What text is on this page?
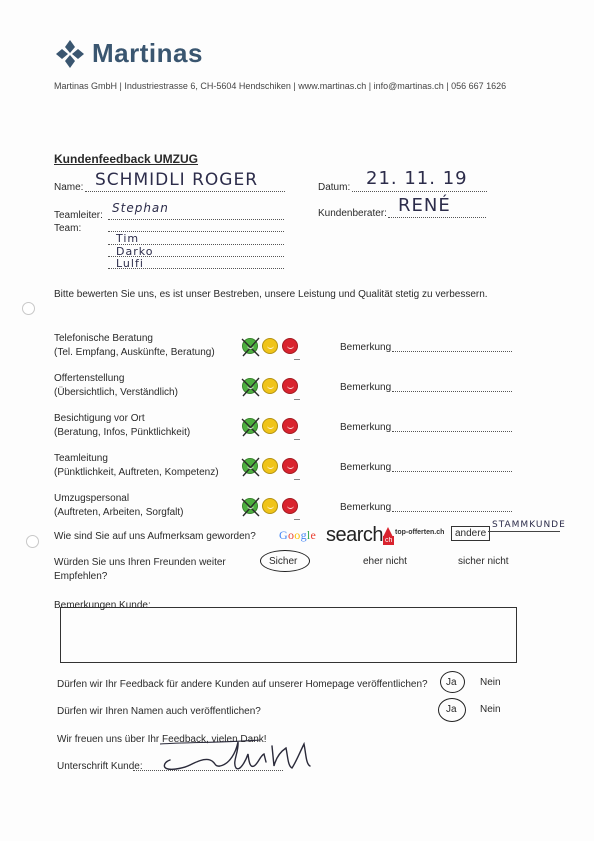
Martinas
Martinas GmbH | Industriestrasse 6, CH-5604 Hendschiken | www.martinas.ch | info@martinas.ch | 056 667 1626
Kundenfeedback UMZUG
Name: SCHMIDLI ROGER	Datum: 21. 11. 19
Teamleiter:
Stephan	Kundenberater: RENÉ
Team:
Tim
Darko
Lulfi
Bitte bewerten Sie uns, es ist unser Bestreben, unsere Leistung und Qualität stetig zu verbessern.
Telefonische Beratung
(Tel. Empfang, Auskünfte, Beratung)	Bemerkung
Offertenstellung
(Übersichtlich, Verständlich)	Bemerkung
Besichtigung vor Ort
(Beratung, Infos, Pünktlichkeit)	Bemerkung
Teamleitung
(Pünktlichkeit, Auftreten, Kompetenz)	Bemerkung
Umzugspersonal
(Auftreten, Arbeiten, Sorgfalt)	Bemerkung
Wie sind Sie auf uns Aufmerksam geworden? Google search ch
top-offerten.ch	andere
STAMMKUNDE
Würden Sie uns Ihren Freunden weiter
Empfehlen?
Sicher	eher nicht	sicher nicht
Bemerkungen Kunde:
Dürfen wir Ihr Feedback für andere Kunden auf unserer Homepage veröffentlichen? Ja Nein
Dürfen wir Ihren Namen auch veröffentlichen?	Ja Nein
Wir freuen uns über Ihr Feedback, vielen Dank!
Unterschrift Kunde:
